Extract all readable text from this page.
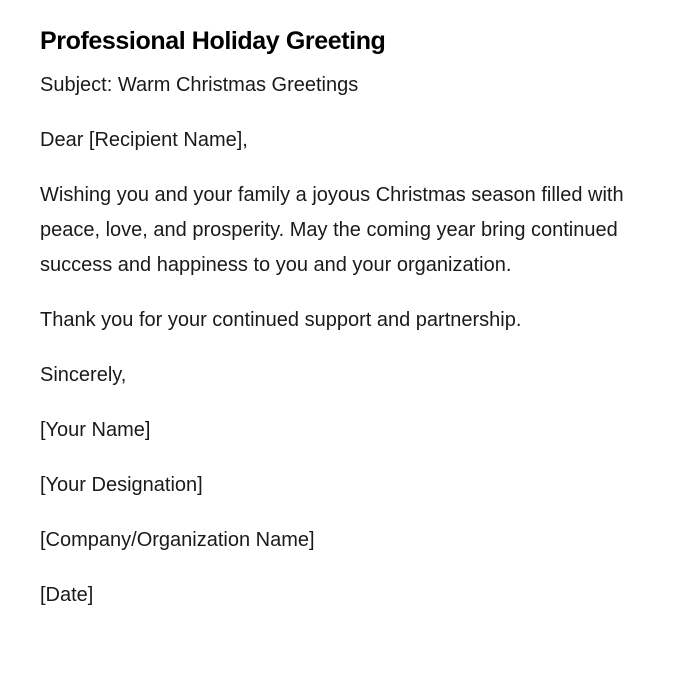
Professional Holiday Greeting

Subject: Warm Christmas Greetings

Dear [Recipient Name],

Wishing you and your family a joyous Christmas season filled with peace, love, and prosperity. May the coming year bring continued success and happiness to you and your organization.

Thank you for your continued support and partnership.

Sincerely,

[Your Name]

[Your Designation]

[Company/Organization Name]

[Date]
